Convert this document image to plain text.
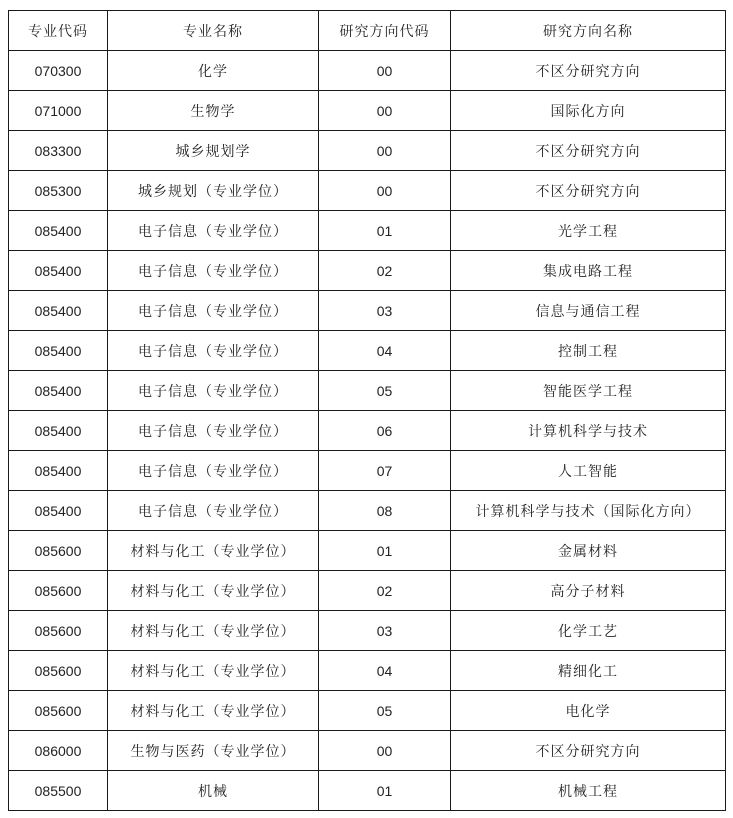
专业代码	专业名称	研究方向代码	研究方向名称
070300	化学	00	不区分研究方向
071000	生物学	00	国际化方向
083300	城乡规划学	00	不区分研究方向
085300	城乡规划（专业学位）	00	不区分研究方向
085400	电子信息（专业学位）	01	光学工程
085400	电子信息（专业学位）	02	集成电路工程
085400	电子信息（专业学位）	03	信息与通信工程
085400	电子信息（专业学位）	04	控制工程
085400	电子信息（专业学位）	05	智能医学工程
085400	电子信息（专业学位）	06	计算机科学与技术
085400	电子信息（专业学位）	07	人工智能
085400	电子信息（专业学位）	08	计算机科学与技术（国际化方向）
085600	材料与化工（专业学位）	01	金属材料
085600	材料与化工（专业学位）	02	高分子材料
085600	材料与化工（专业学位）	03	化学工艺
085600	材料与化工（专业学位）	04	精细化工
085600	材料与化工（专业学位）	05	电化学
086000	生物与医药（专业学位）	00	不区分研究方向
085500	机械	01	机械工程
